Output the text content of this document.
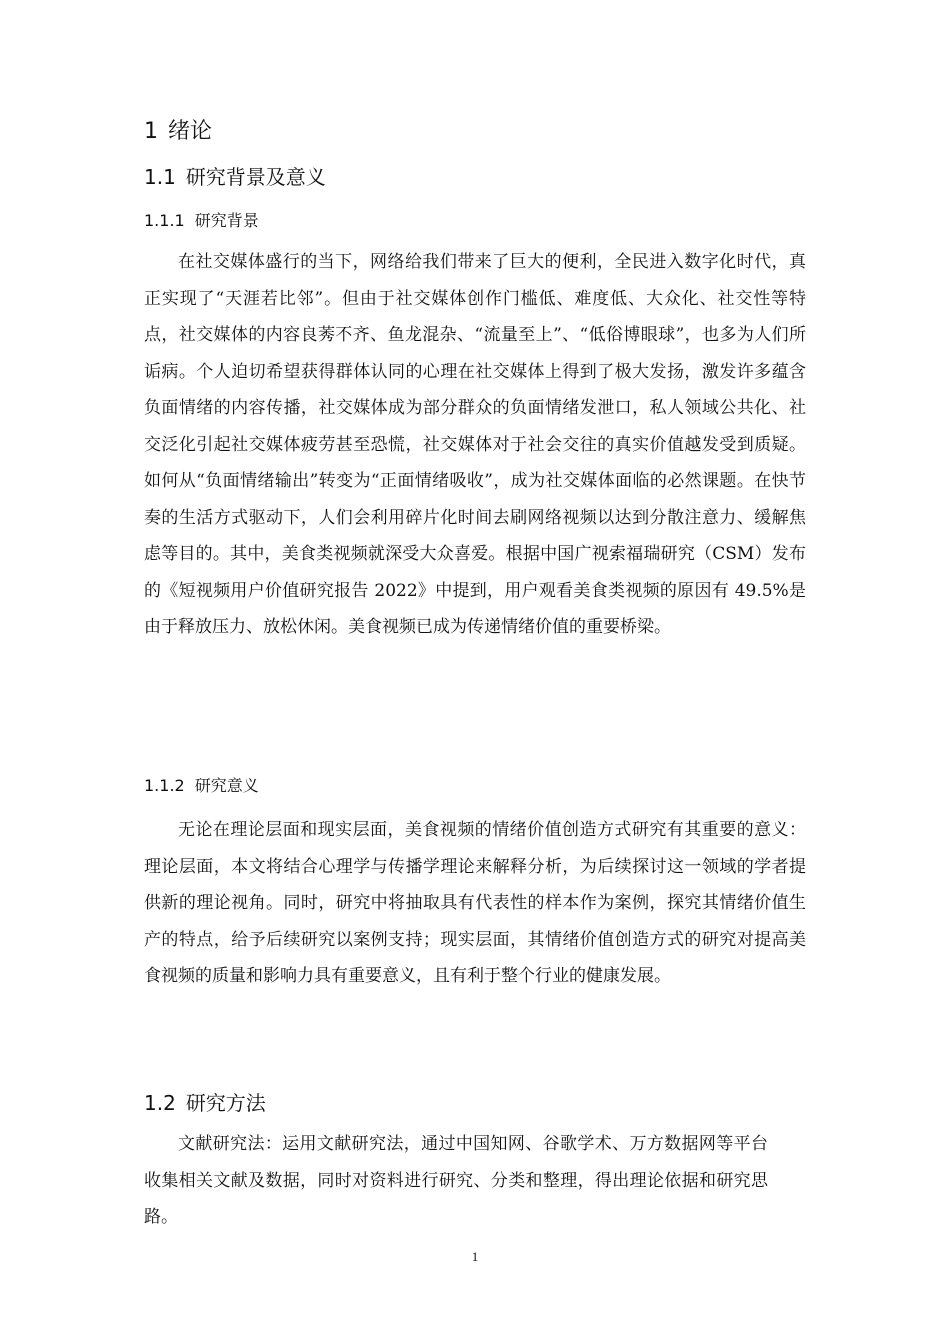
1 绪论
1.1 研究背景及意义
1.1.1 研究背景

在社交媒体盛行的当下，网络给我们带来了巨大的便利，全民进入数字化时代，真正实现了“天涯若比邻”。但由于社交媒体创作门槛低、难度低、大众化、社交性等特点，社交媒体的内容良莠不齐、鱼龙混杂、“流量至上”、“低俗博眼球”，也多为人们所诟病。个人迫切希望获得群体认同的心理在社交媒体上得到了极大发扬，激发许多蕴含负面情绪的内容传播，社交媒体成为部分群众的负面情绪发泄口，私人领域公共化、社交泛化引起社交媒体疲劳甚至恐慌，社交媒体对于社会交往的真实价值越发受到质疑。如何从“负面情绪输出”转变为“正面情绪吸收”，成为社交媒体面临的必然课题。在快节奏的生活方式驱动下，人们会利用碎片化时间去刷网络视频以达到分散注意力、缓解焦虑等目的。其中，美食类视频就深受大众喜爱。根据中国广视索福瑞研究（CSM）发布的《短视频用户价值研究报告 2022》中提到，用户观看美食类视频的原因有 49.5%是由于释放压力、放松休闲。美食视频已成为传递情绪价值的重要桥梁。

1.1.2 研究意义

无论在理论层面和现实层面，美食视频的情绪价值创造方式研究有其重要的意义：理论层面，本文将结合心理学与传播学理论来解释分析，为后续探讨这一领域的学者提供新的理论视角。同时，研究中将抽取具有代表性的样本作为案例，探究其情绪价值生产的特点，给予后续研究以案例支持；现实层面，其情绪价值创造方式的研究对提高美食视频的质量和影响力具有重要意义，且有利于整个行业的健康发展。

1.2 研究方法

文献研究法：运用文献研究法，通过中国知网、谷歌学术、万方数据网等平台收集相关文献及数据，同时对资料进行研究、分类和整理，得出理论依据和研究思路。

1
